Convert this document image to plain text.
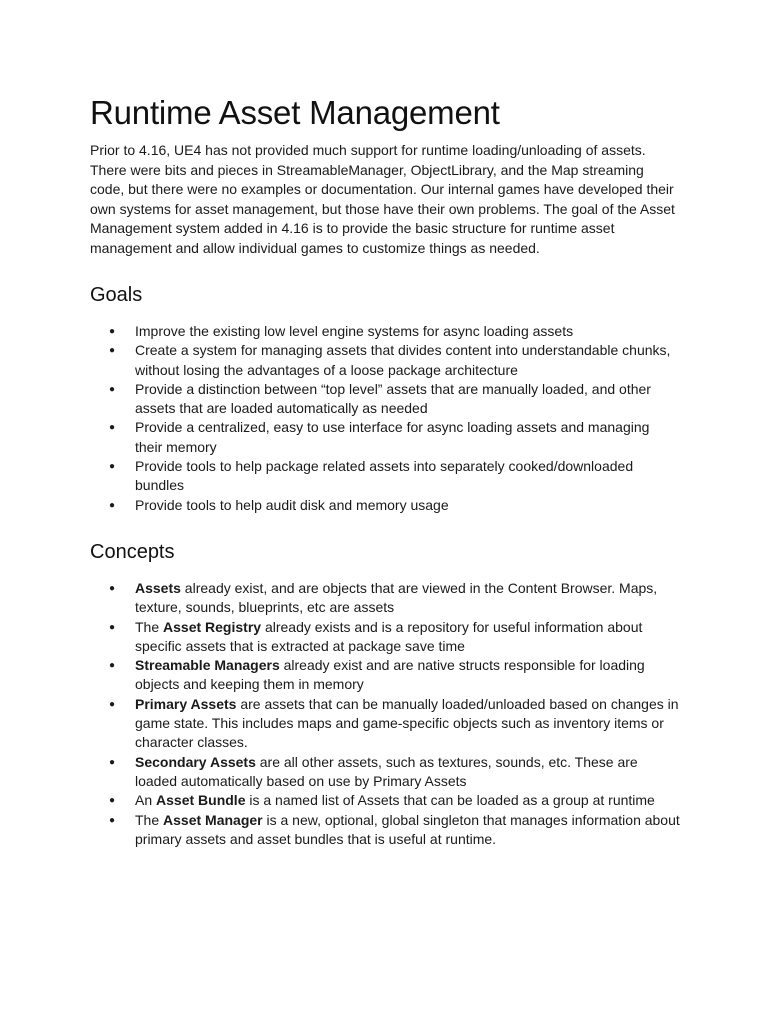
Runtime Asset Management

Prior to 4.16, UE4 has not provided much support for runtime loading/unloading of assets. There were bits and pieces in StreamableManager, ObjectLibrary, and the Map streaming code, but there were no examples or documentation. Our internal games have developed their own systems for asset management, but those have their own problems. The goal of the Asset Management system added in 4.16 is to provide the basic structure for runtime asset management and allow individual games to customize things as needed.

Goals
● Improve the existing low level engine systems for async loading assets
● Create a system for managing assets that divides content into understandable chunks, without losing the advantages of a loose package architecture
● Provide a distinction between “top level” assets that are manually loaded, and other assets that are loaded automatically as needed
● Provide a centralized, easy to use interface for async loading assets and managing their memory
● Provide tools to help package related assets into separately cooked/downloaded bundles
● Provide tools to help audit disk and memory usage
Concepts
● Assets already exist, and are objects that are viewed in the Content Browser. Maps, texture, sounds, blueprints, etc are assets
● The Asset Registry already exists and is a repository for useful information about specific assets that is extracted at package save time
● Streamable Managers already exist and are native structs responsible for loading objects and keeping them in memory
● Primary Assets are assets that can be manually loaded/unloaded based on changes in game state. This includes maps and game-specific objects such as inventory items or character classes.
● Secondary Assets are all other assets, such as textures, sounds, etc. These are loaded automatically based on use by Primary Assets
● An Asset Bundle is a named list of Assets that can be loaded as a group at runtime
● The Asset Manager is a new, optional, global singleton that manages information about primary assets and asset bundles that is useful at runtime.
